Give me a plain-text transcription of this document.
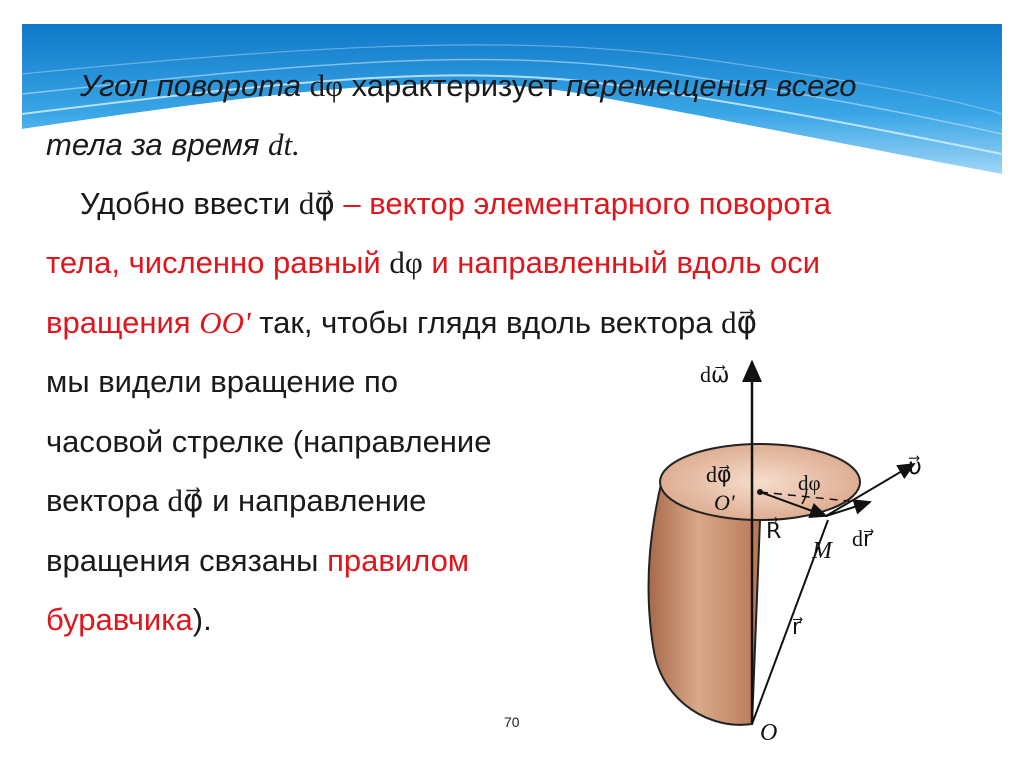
Угол поворота dφ характеризует перемещения всего
тела за время dt.
Удобно ввести dφ⃗ – вектор элементарного поворота
тела, численно равный dφ и направленный вдоль оси
вращения OO' так, чтобы глядя вдоль вектора dφ⃗
мы видели вращение по
часовой стрелке (направление
вектора dφ⃗ и направление
вращения связаны правилом
буравчика).
dω⃗
dφ⃗
O'
dφ
υ⃗
R⃗	dr⃗
M
r⃗
O
70
